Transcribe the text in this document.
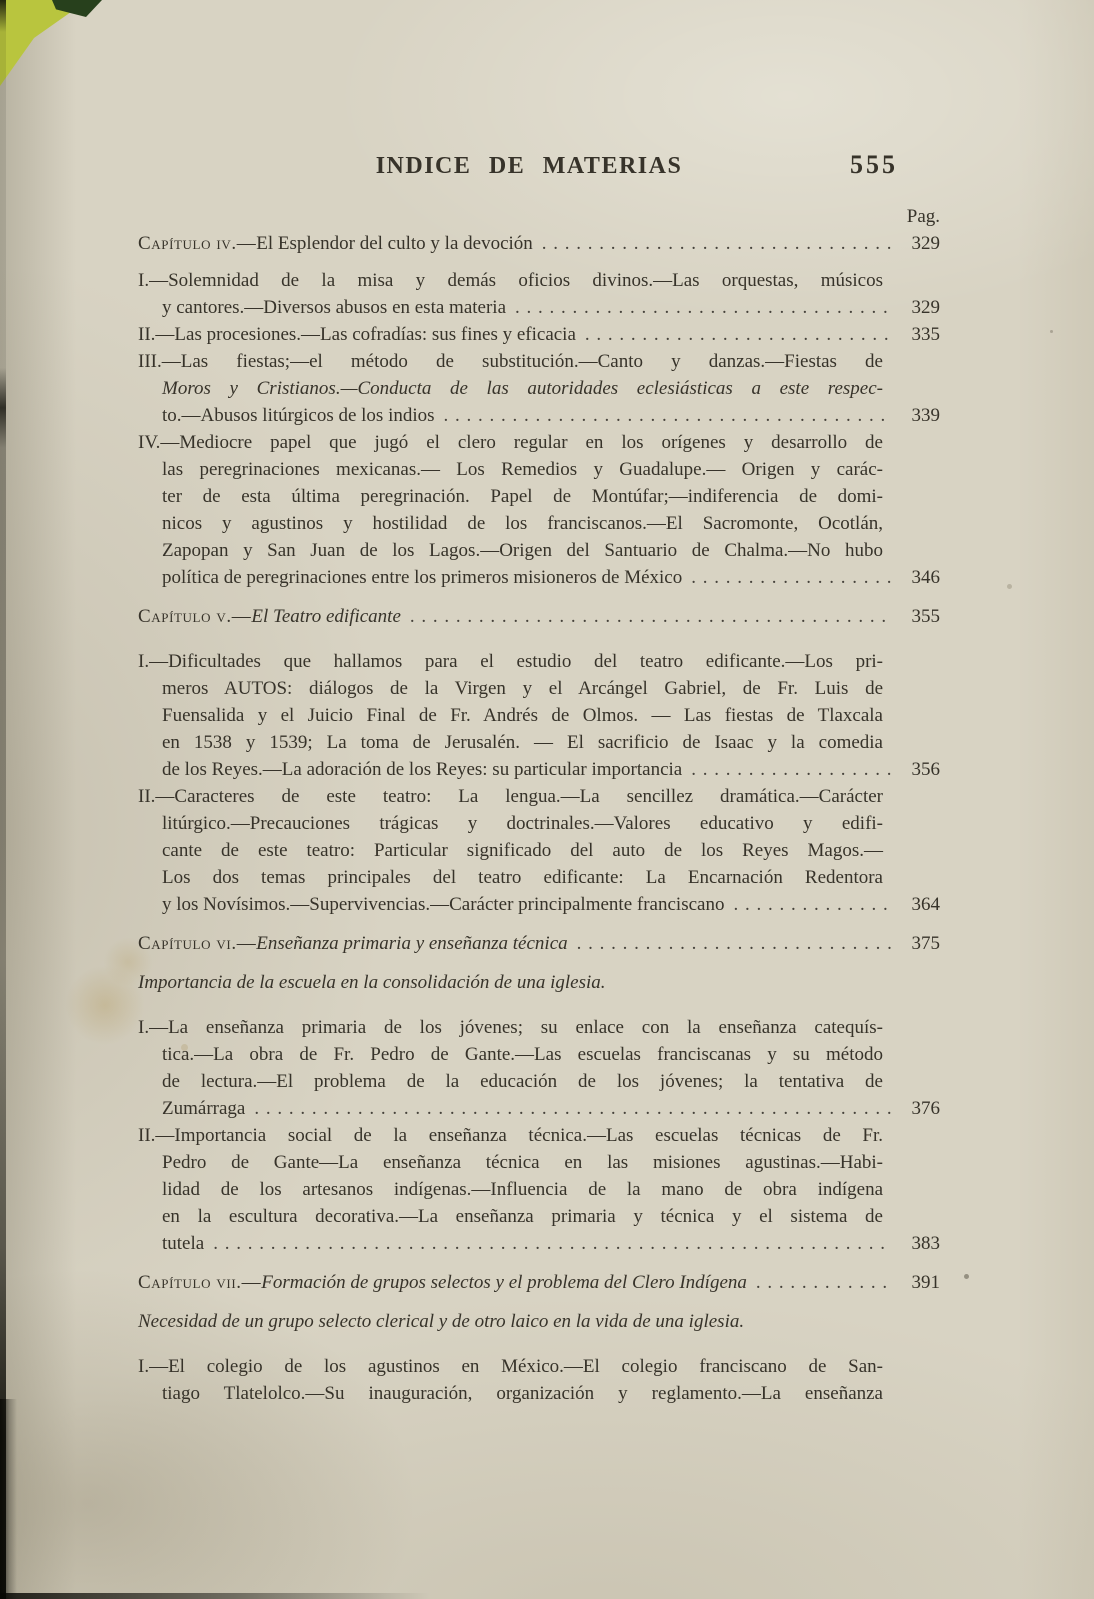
INDICE DE MATERIAS	555
Pag.
Capítulo iv.—El Esplendor del culto y la devoción . . .	329
I.—Solemnidad de la misa y demás oficios divinos.—Las orquestas, músicos
y cantores.—Diversos abusos en esta materia . . .	329
II.—Las procesiones.—Las cofradías: sus fines y eficacia . . .	335
III.—Las fiestas;—el método de substitución.—Canto y danzas.—Fiestas de
Moros y Cristianos.—Conducta de las autoridades eclesiásticas a este respec-
to.—Abusos litúrgicos de los indios . . .	339
IV.—Mediocre papel que jugó el clero regular en los orígenes y desarrollo de
las peregrinaciones mexicanas.— Los Remedios y Guadalupe.— Origen y carác-
ter de esta última peregrinación. Papel de Montúfar;—indiferencia de domi-
nicos y agustinos y hostilidad de los franciscanos.—El Sacromonte, Ocotlán,
Zapopan y San Juan de los Lagos.—Origen del Santuario de Chalma.—No hubo
política de peregrinaciones entre los primeros misioneros de México . . .	346
Capítulo v.—El Teatro edificante . . .	355
I.—Dificultades que hallamos para el estudio del teatro edificante.—Los pri-
meros AUTOS: diálogos de la Virgen y el Arcángel Gabriel, de Fr. Luis de
Fuensalida y el Juicio Final de Fr. Andrés de Olmos. — Las fiestas de Tlaxcala
en 1538 y 1539; La toma de Jerusalén. — El sacrificio de Isaac y la comedia
de los Reyes.—La adoración de los Reyes: su particular importancia . . .	356
II.—Caracteres de este teatro: La lengua.—La sencillez dramática.—Carácter
litúrgico.—Precauciones trágicas y doctrinales.—Valores educativo y edifi-
cante de este teatro: Particular significado del auto de los Reyes Magos.—
Los dos temas principales del teatro edificante: La Encarnación Redentora
y los Novísimos.—Supervivencias.—Carácter principalmente franciscano . . .	364
Capítulo vi.—Enseñanza primaria y enseñanza técnica . . .	375
Importancia de la escuela en la consolidación de una iglesia.
I.—La enseñanza primaria de los jóvenes; su enlace con la enseñanza catequís-
tica.—La obra de Fr. Pedro de Gante.—Las escuelas franciscanas y su método
de lectura.—El problema de la educación de los jóvenes; la tentativa de
Zumárraga . . .	376
II.—Importancia social de la enseñanza técnica.—Las escuelas técnicas de Fr.
Pedro de Gante—La enseñanza técnica en las misiones agustinas.—Habi-
lidad de los artesanos indígenas.—Influencia de la mano de obra indígena
en la escultura decorativa.—La enseñanza primaria y técnica y el sistema de
tutela . . .	383
Capítulo vii.—Formación de grupos selectos y el problema del Clero Indígena . . .	391
Necesidad de un grupo selecto clerical y de otro laico en la vida de una iglesia.
I.—El colegio de los agustinos en México.—El colegio franciscano de San-
tiago Tlatelolco.—Su inauguración, organización y reglamento.—La enseñanza
